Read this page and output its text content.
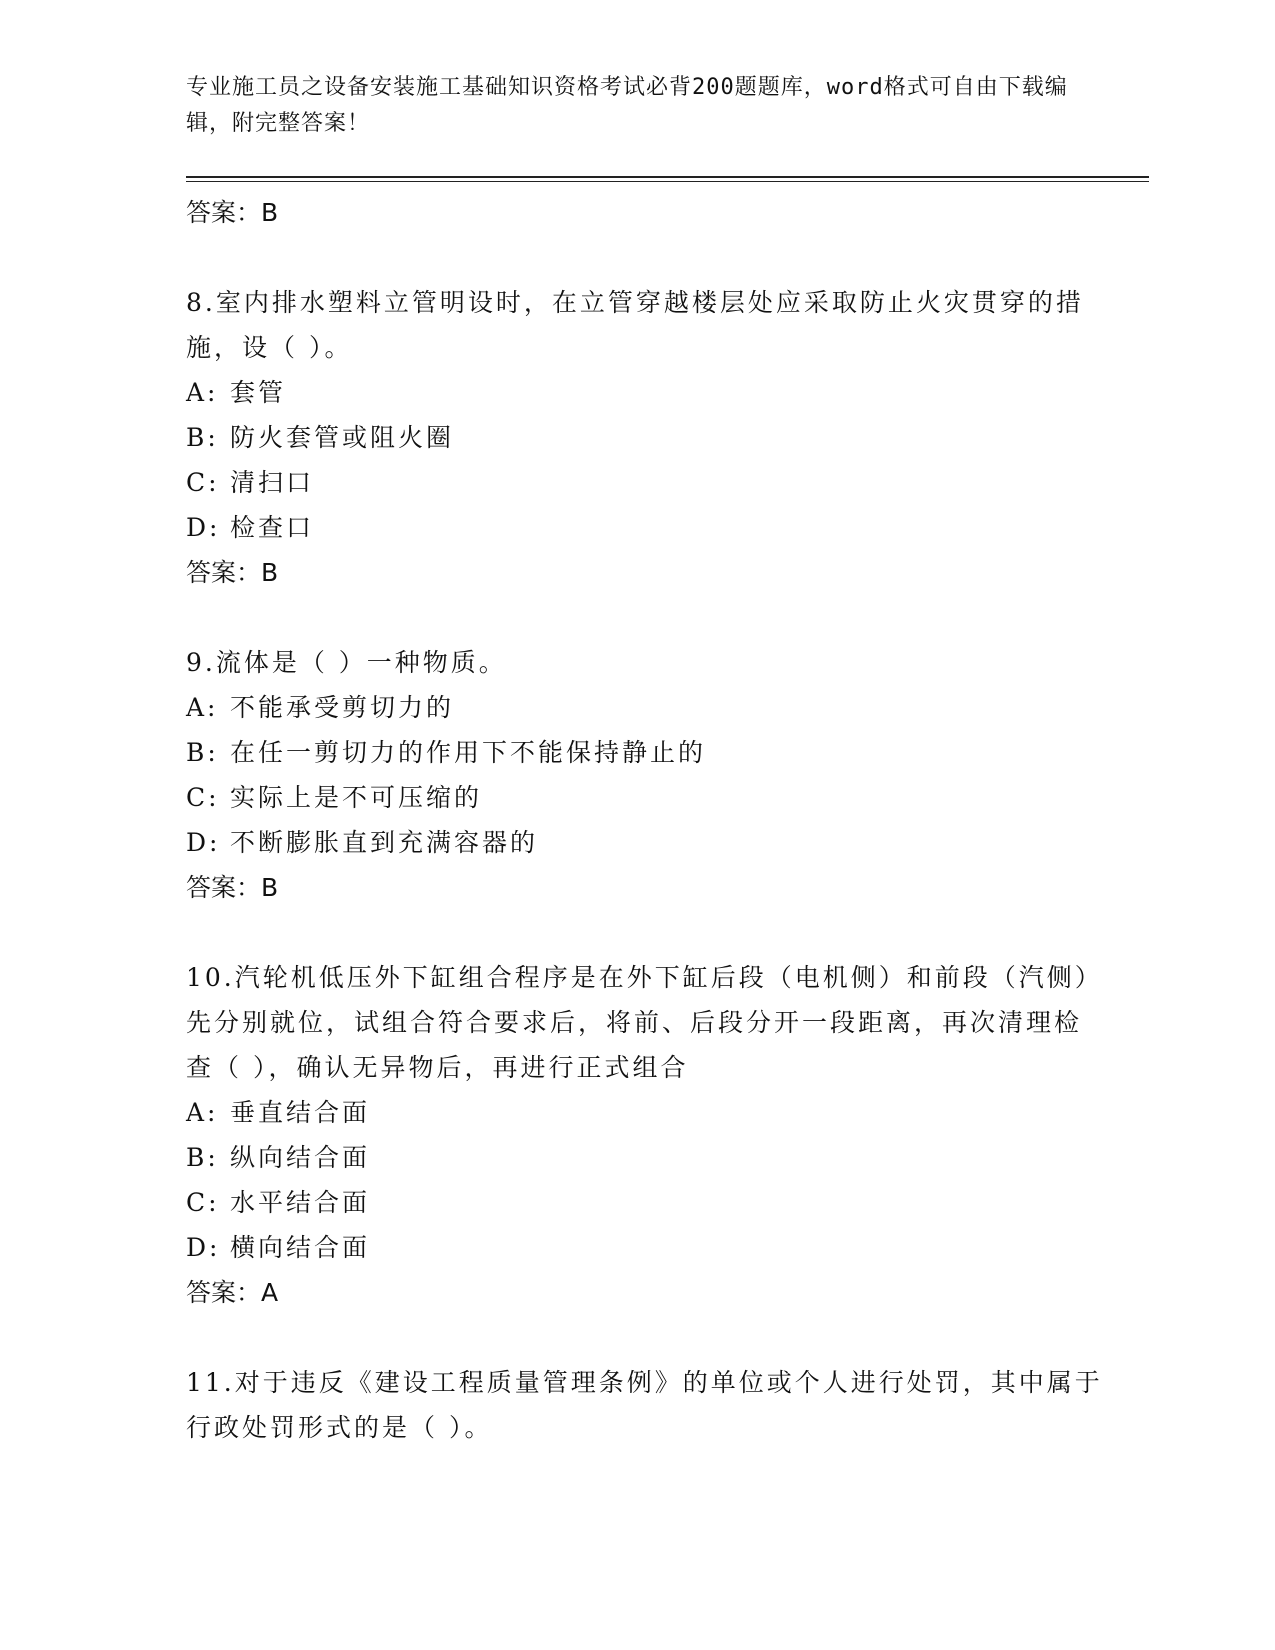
专业施工员之设备安装施工基础知识资格考试必背200题题库，word格式可自由下载编辑，附完整答案！
答案：B
8.室内排水塑料立管明设时，在立管穿越楼层处应采取防止火灾贯穿的措施，设（ ）。
A: 套管
B: 防火套管或阻火圈
C: 清扫口
D: 检查口
答案：B
9.流体是（ ）一种物质。
A: 不能承受剪切力的
B: 在任一剪切力的作用下不能保持静止的
C: 实际上是不可压缩的
D: 不断膨胀直到充满容器的
答案：B
10.汽轮机低压外下缸组合程序是在外下缸后段（电机侧）和前段（汽侧）先分别就位，试组合符合要求后，将前、后段分开一段距离，再次清理检查（ ），确认无异物后，再进行正式组合
A: 垂直结合面
B: 纵向结合面
C: 水平结合面
D: 横向结合面
答案：A
11.对于违反《建设工程质量管理条例》的单位或个人进行处罚，其中属于行政处罚形式的是（ ）。
